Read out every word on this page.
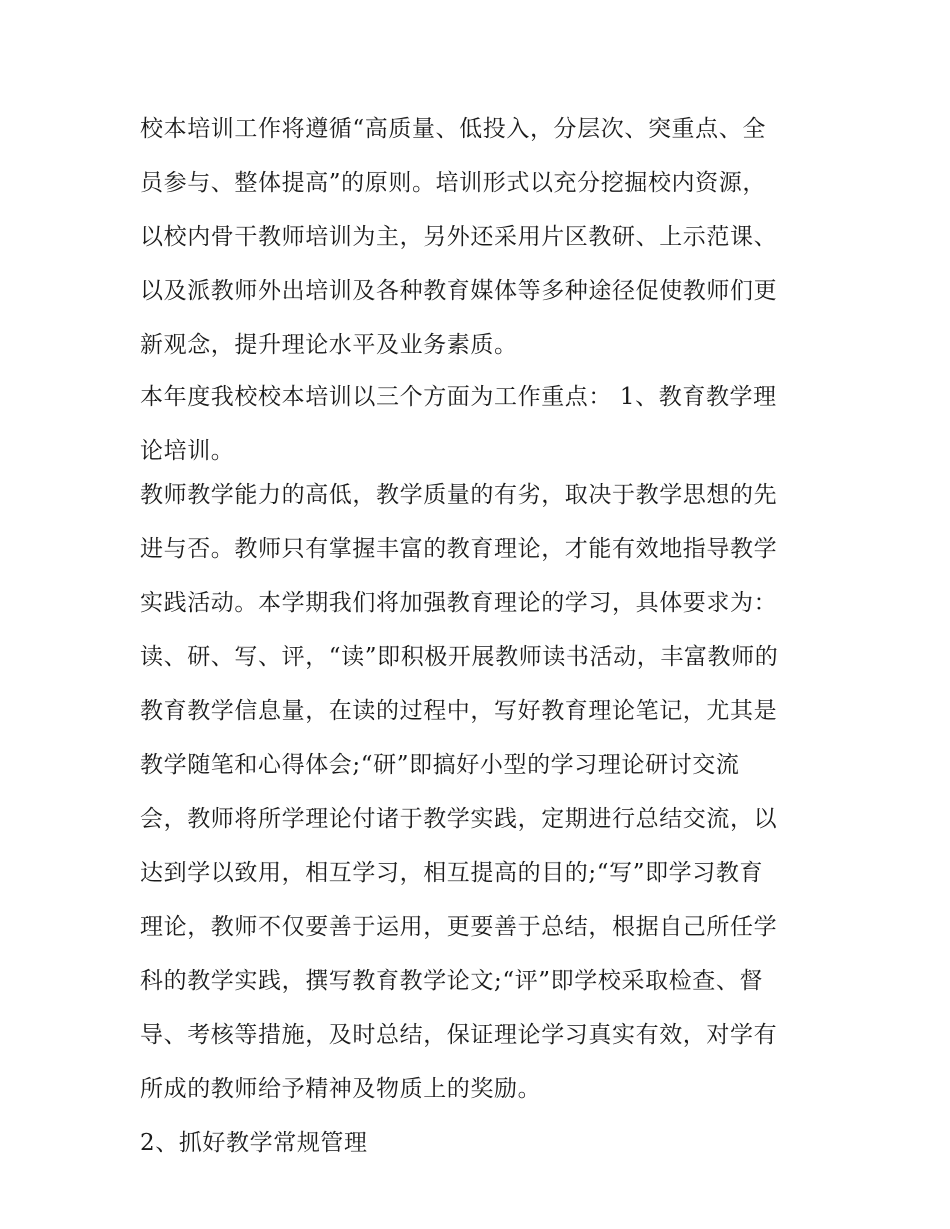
校本培训工作将遵循“高质量、低投入，分层次、突重点、全

员参与、整体提高”的原则。培训形式以充分挖掘校内资源，

以校内骨干教师培训为主，另外还采用片区教研、上示范课、

以及派教师外出培训及各种教育媒体等多种途径促使教师们更

新观念，提升理论水平及业务素质。

本年度我校校本培训以三个方面为工作重点： 1、教育教学理

论培训。

教师教学能力的高低，教学质量的有劣，取决于教学思想的先

进与否。教师只有掌握丰富的教育理论，才能有效地指导教学

实践活动。本学期我们将加强教育理论的学习，具体要求为：

读、研、写、评，“读”即积极开展教师读书活动，丰富教师的

教育教学信息量，在读的过程中，写好教育理论笔记，尤其是

教学随笔和心得体会;“研”即搞好小型的学习理论研讨交流

会，教师将所学理论付诸于教学实践，定期进行总结交流，以

达到学以致用，相互学习，相互提高的目的;“写”即学习教育

理论，教师不仅要善于运用，更要善于总结，根据自己所任学

科的教学实践，撰写教育教学论文;“评”即学校采取检查、督

导、考核等措施，及时总结，保证理论学习真实有效，对学有

所成的教师给予精神及物质上的奖励。

2、抓好教学常规管理
